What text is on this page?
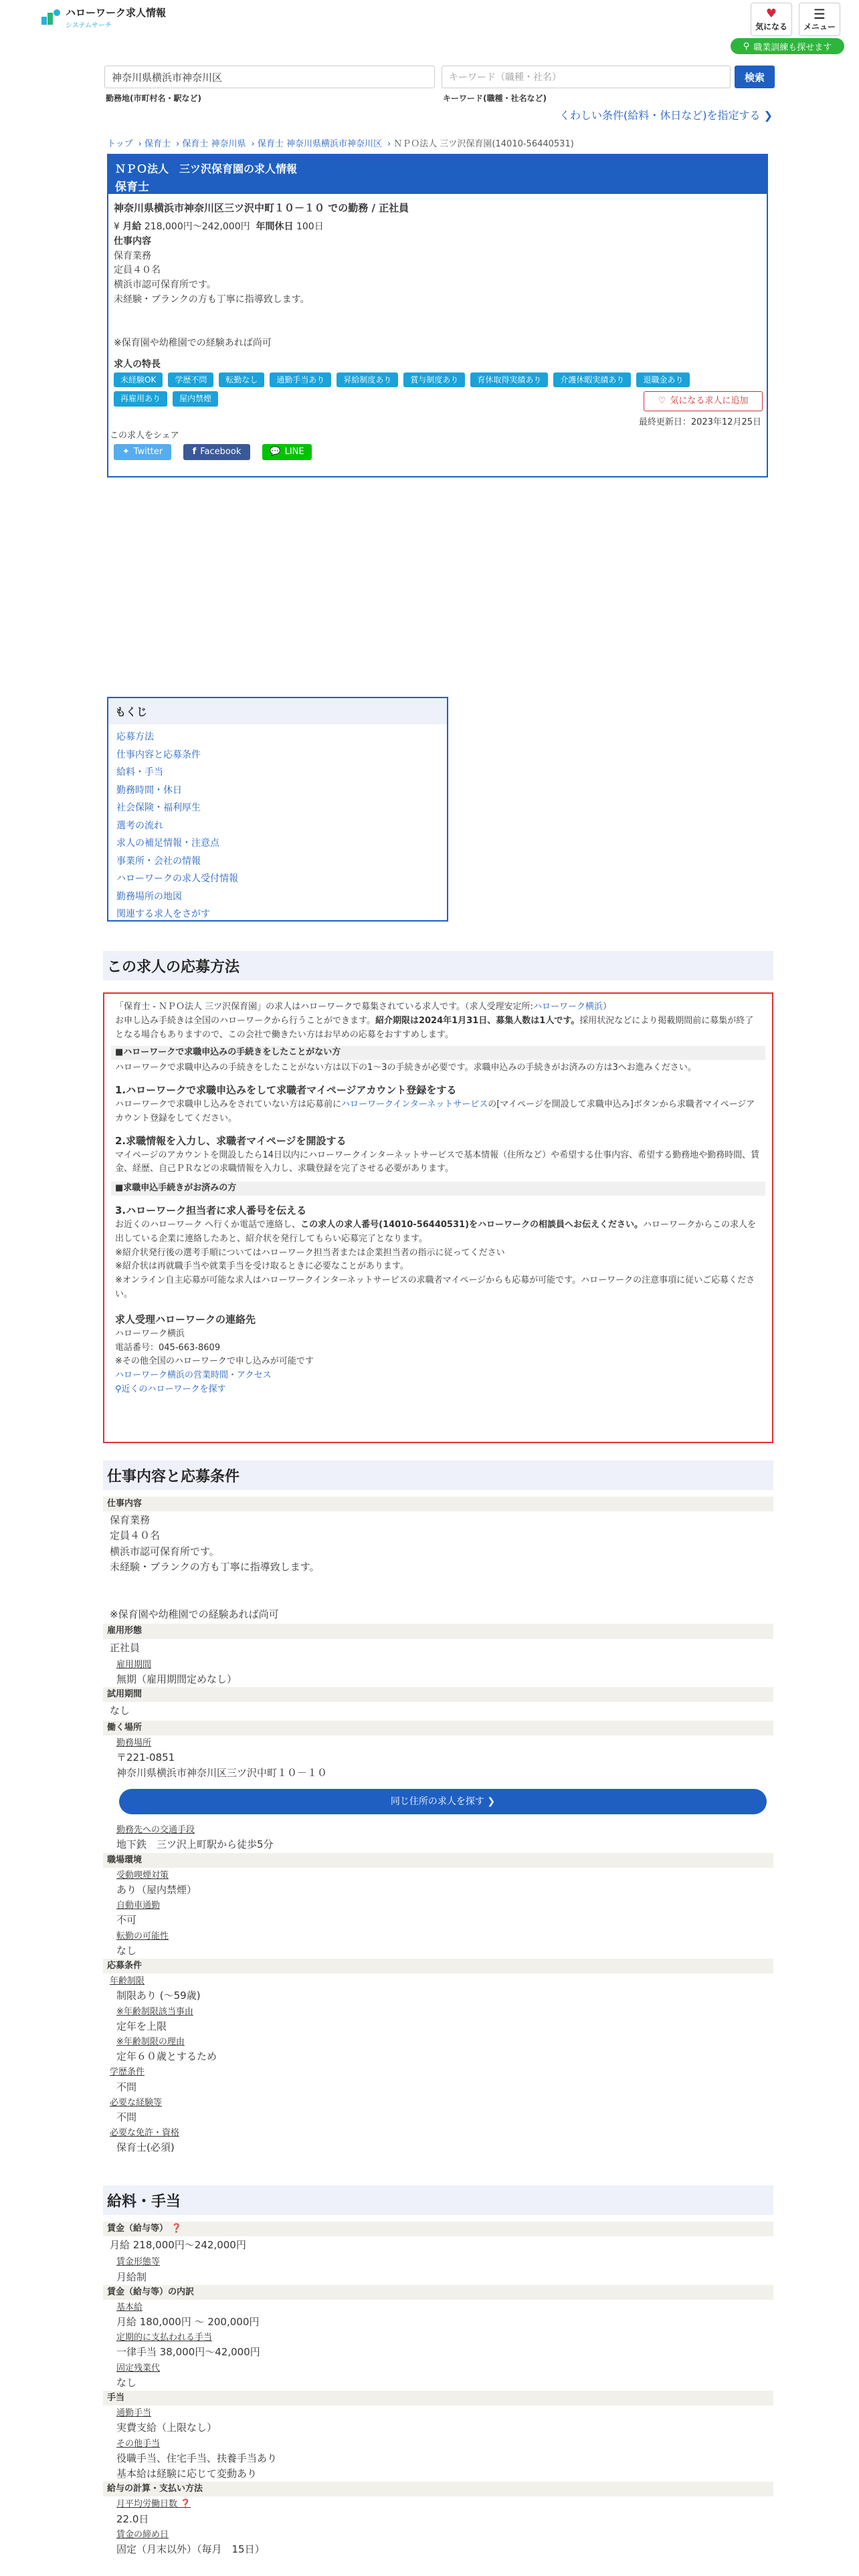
ハローワーク求人情報
システムサーチ
♥
気になる
☰
メニュー
⚲ 職業訓練も探せます
神奈川県横浜市神奈川区
勤務地(市町村名・駅など)
キーワード（職種・社名）
キーワード(職種・社名など)
検索
くわしい条件(給料・休日など)を指定する ❯
トップ › 保育士 › 保育士 神奈川県 › 保育士 神奈川県横浜市神奈川区 › ＮＰＯ法人 三ツ沢保育園(14010-56440531)
ＮＰＯ法人　三ツ沢保育園の求人情報
保育士
神奈川県横浜市神奈川区三ツ沢中町１０－１０ での勤務 / 正社員
¥ 月給 218,000円〜242,000円 年間休日 100日
仕事内容
保育業務
定員４０名
横浜市認可保育所です。
未経験・ブランクの方も丁寧に指導致します。
※保育園や幼稚園での経験あれば尚可
♡ 気になる求人に追加
求人の特長
未経験OK	学歴不問	転勤なし	通勤手当あり	昇給制度あり	賞与制度あり	育休取得実績あり	介護休暇実績あり	退職金あり
再雇用あり	屋内禁煙
最終更新日：2023年12月25日
この求人をシェア
✦ Twitter	f Facebook	💬 LINE
もくじ
応募方法
仕事内容と応募条件
給料・手当
勤務時間・休日
社会保険・福利厚生
選考の流れ
求人の補足情報・注意点
事業所・会社の情報
ハローワークの求人受付情報
勤務場所の地図
関連する求人をさがす
この求人の応募方法
「保育士 - ＮＰＯ法人 三ツ沢保育園」の求人はハローワークで募集されている求人です。（求人受理安定所:ハローワーク横浜）
お申し込み手続きは全国のハローワークから行うことができます。紹介期限は2024年1月31日、募集人数は1人です。採用状況などにより掲載期間前に募集が終了となる場合もありますので、この会社で働きたい方はお早めの応募をおすすめします。
■ハローワークで求職申込みの手続きをしたことがない方
ハローワークで求職申込みの手続きをしたことがない方は以下の1〜3の手続きが必要です。求職申込みの手続きがお済みの方は3へお進みください。
1.ハローワークで求職申込みをして求職者マイページアカウント登録をする
ハローワークで求職申し込みをされていない方は応募前にハローワークインターネットサービスの[マイページを開設して求職申込み]ボタンから求職者マイページアカウント登録をしてください。
2.求職情報を入力し、求職者マイページを開設する
マイページのアカウントを開設したら14日以内にハローワークインターネットサービスで基本情報（住所など）や希望する仕事内容、希望する勤務地や勤務時間、賃金、経歴、自己ＰＲなどの求職情報を入力し、求職登録を完了させる必要があります。
■求職申込手続きがお済みの方
3.ハローワーク担当者に求人番号を伝える
お近くのハローワーク へ行くか電話で連絡し、この求人の求人番号(14010-56440531)をハローワークの相談員へお伝えください。ハローワークからこの求人を出している企業に連絡したあと、紹介状を発行してもらい応募完了となります。
※紹介状発行後の選考手順についてはハローワーク担当者または企業担当者の指示に従ってください
※紹介状は再就職手当や就業手当を受け取るときに必要なことがあります。
※オンライン自主応募が可能な求人はハローワークインターネットサービスの求職者マイページからも応募が可能です。ハローワークの注意事項に従いご応募ください。
求人受理ハローワークの連絡先
ハローワーク横浜
電話番号：045-663-8609
※その他全国のハローワークで申し込みが可能です
ハローワーク横浜の営業時間・アクセス
⚲近くのハローワークを探す
仕事内容と応募条件
仕事内容
保育業務
定員４０名
横浜市認可保育所です。
未経験・ブランクの方も丁寧に指導致します。
※保育園や幼稚園での経験あれば尚可
雇用形態
正社員
雇用期間
無期（雇用期間定めなし）
試用期間
なし
働く場所
勤務場所
〒221-0851
神奈川県横浜市神奈川区三ツ沢中町１０－１０
同じ住所の求人を探す
❯
勤務先への交通手段
地下鉄　三ツ沢上町駅から徒歩5分
職場環境
受動喫煙対策
あり（屋内禁煙）
自動車通勤
不可
転勤の可能性
なし
応募条件
年齢制限
制限あり (〜59歳)
※年齢制限該当事由
定年を上限
※年齢制限の理由
定年６０歳とするため
学歴条件
不問
必要な経験等
不問
必要な免許・資格
保育士(必須)
給料・手当
賃金（給与等） ❓
月給 218,000円〜242,000円
賃金形態等
月給制
賃金（給与等）の内訳
基本給
月給 180,000円 〜 200,000円
定期的に支払われる手当
一律手当 38,000円〜42,000円
固定残業代
なし
手当
通勤手当
実費支給（上限なし）
その他手当
役職手当、住宅手当、扶養手当あり
基本給は経験に応じて変動あり
給与の計算・支払い方法
月平均労働日数 ❓
22.0日
賃金の締め日
固定（月末以外）（毎月　15日）
